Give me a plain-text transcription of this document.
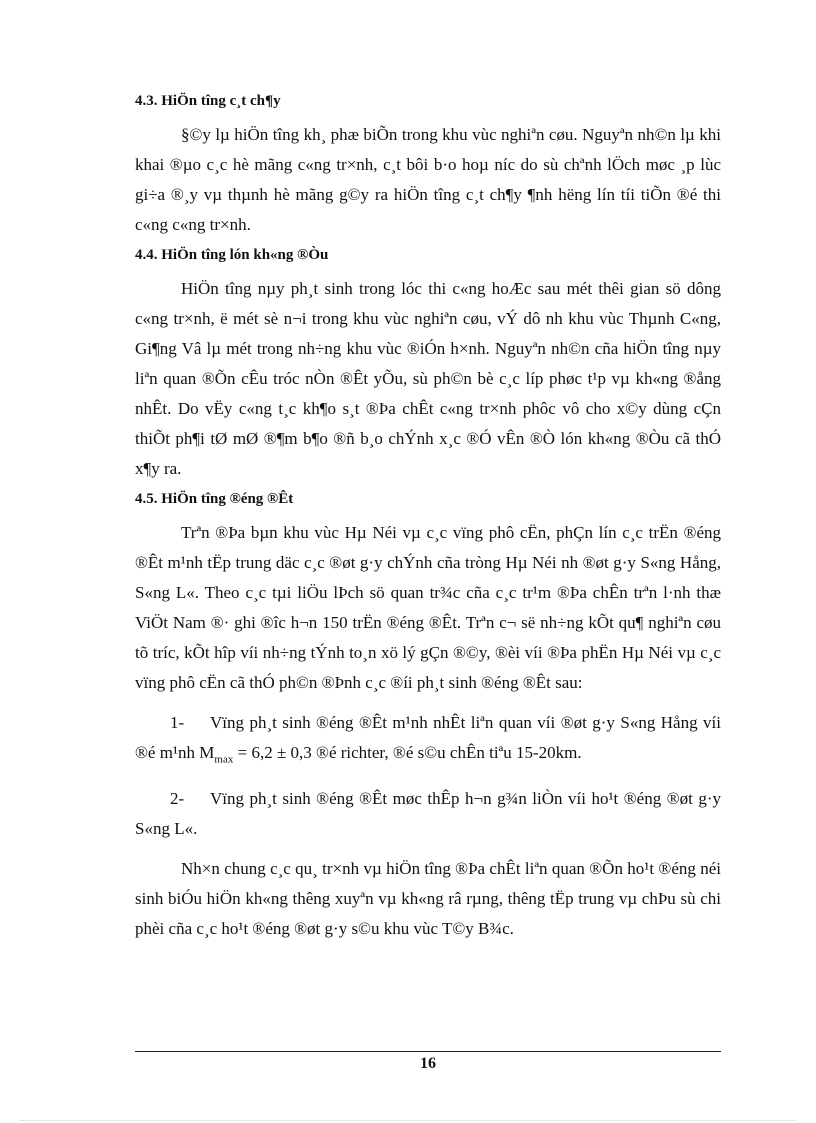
4.3. HiÖn tîng c¸t ch¶y

§©y lµ hiÖn tîng kh¸ phæ biÕn trong khu vùc nghiªn cøu. Nguyªn nh©n lµ khi khai ®µo c¸c hè mãng c«ng tr×nh, c¸t bôi b·o hoµ níc do sù chªnh lÖch møc ¸p lùc gi÷a ®¸y vµ thµnh hè mãng g©y ra hiÖn tîng c¸t ch¶y ¶nh hëng lín tíi tiÕn ®é thi c«ng c«ng tr×nh.

4.4. HiÖn tîng lón kh«ng ®Òu

HiÖn tîng nµy ph¸t sinh trong lóc thi c«ng hoÆc sau mét thêi gian sö dông c«ng tr×nh, ë mét sè n¬i trong khu vùc nghiªn cøu, vÝ dô nh khu vùc Thµnh C«ng, Gi¶ng Vâ lµ mét trong nh÷ng khu vùc ®iÓn h×nh. Nguyªn nh©n cña hiÖn tîng nµy liªn quan ®Õn cÊu tróc nÒn ®Êt yÕu, sù ph©n bè c¸c líp phøc t¹p vµ kh«ng ®ång nhÊt. Do vËy c«ng t¸c kh¶o s¸t ®Þa chÊt c«ng tr×nh phôc vô cho x©y dùng cÇn thiÕt ph¶i tØ mØ ®¶m b¶o ®ñ b¸o chÝnh x¸c ®Ó vÊn ®Ò lón kh«ng ®Òu cã thÓ x¶y ra.

4.5. HiÖn tîng ®éng ®Êt

Trªn ®Þa bµn khu vùc Hµ Néi vµ c¸c vïng phô cËn, phÇn lín c¸c trËn ®éng ®Êt m¹nh tËp trung däc c¸c ®øt g·y chÝnh cña tròng Hµ Néi nh ®øt g·y S«ng Hång, S«ng L«. Theo c¸c tµi liÖu lÞch sö quan tr¾c cña c¸c tr¹m ®Þa chÊn trªn l·nh thæ ViÖt Nam ®· ghi ®îc h¬n 150 trËn ®éng ®Êt. Trªn c¬ së nh÷ng kÕt qu¶ nghiªn cøu tõ tríc, kÕt hîp víi nh÷ng tÝnh to¸n xö lý gÇn ®©y, ®èi víi ®Þa phËn Hµ Néi vµ c¸c vïng phô cËn cã thÓ ph©n ®Þnh c¸c ®íi ph¸t sinh ®éng ®Êt sau:

1- Vïng ph¸t sinh ®éng ®Êt m¹nh nhÊt liªn quan víi ®øt g·y S«ng Hång víi ®é m¹nh $M_{max} = 6,2 \pm 0,3$ ®é richter, ®é s©u chÊn tiªu 15-20km.

2- Vïng ph¸t sinh ®éng ®Êt møc thÊp h¬n g¾n liÒn víi ho¹t ®éng ®øt g·y S«ng L«.

Nh×n chung c¸c qu¸ tr×nh vµ hiÖn tîng ®Þa chÊt liªn quan ®Õn ho¹t ®éng néi sinh biÓu hiÖn kh«ng thêng xuyªn vµ kh«ng râ rµng, thêng tËp trung vµ chÞu sù chi phèi cña c¸c ho¹t ®éng ®øt g·y s©u khu vùc T©y B¾c.

16
